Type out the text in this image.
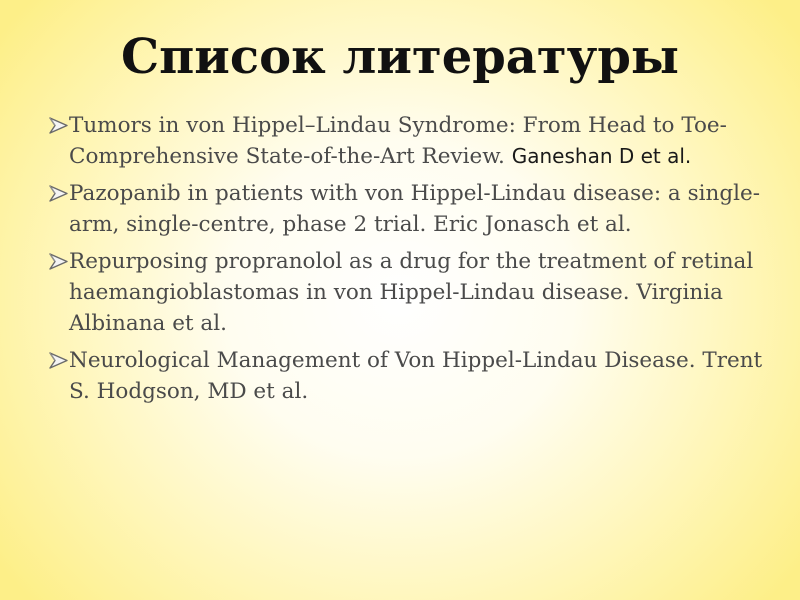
Список литературы
Tumors in von Hippel–Lindau Syndrome: From Head to Toe-Comprehensive State-of-the-Art Review. Ganeshan D et al.
Pazopanib in patients with von Hippel-Lindau disease: a single-arm, single-centre, phase 2 trial. Eric Jonasch et al.
Repurposing propranolol as a drug for the treatment of retinal haemangioblastomas in von Hippel-Lindau disease. Virginia Albinana et al.
Neurological Management of Von Hippel-Lindau Disease. Trent S. Hodgson, MD et al.
